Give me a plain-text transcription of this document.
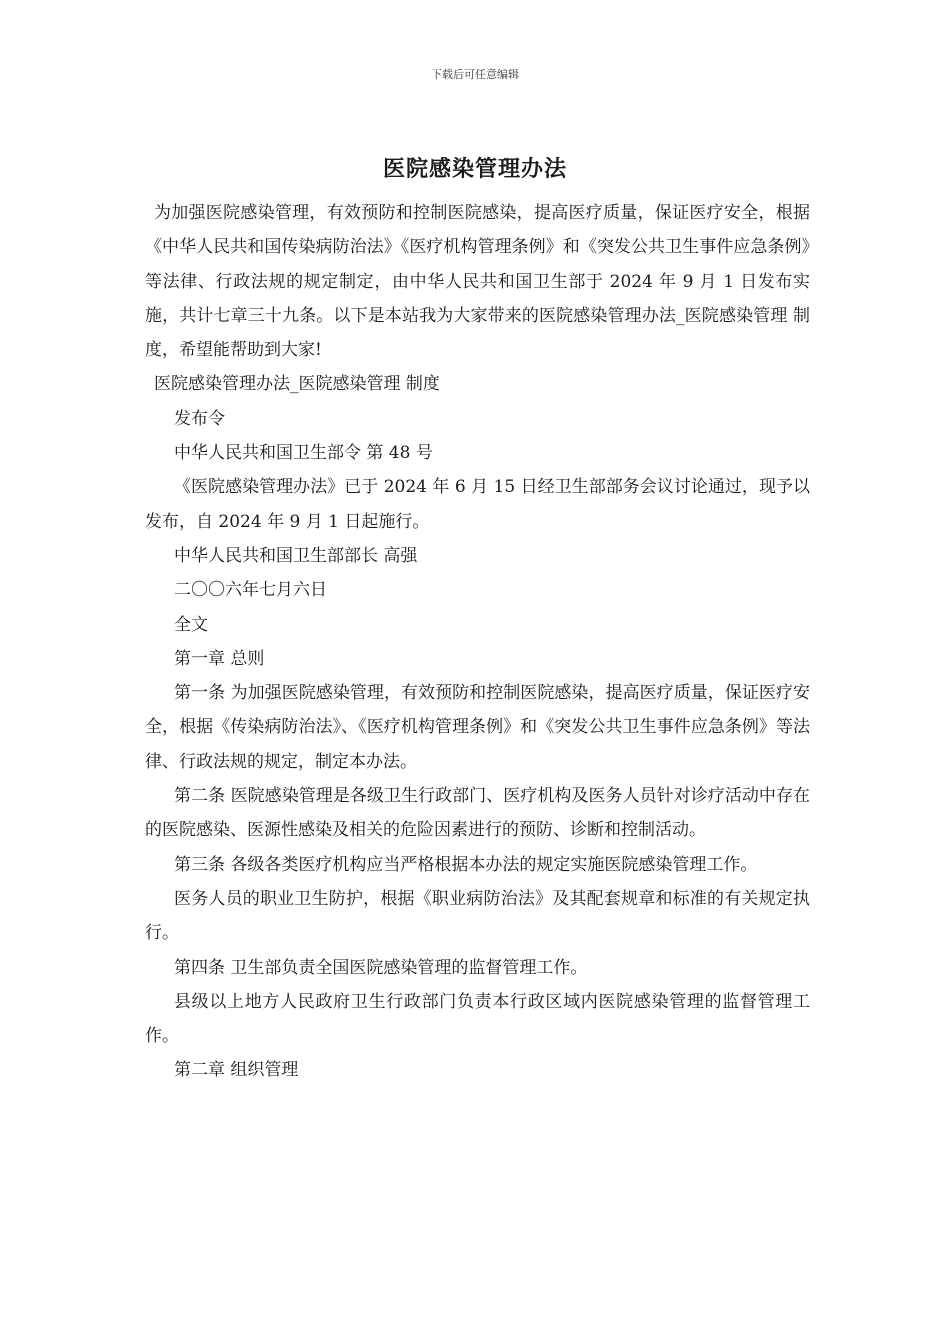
下载后可任意编辑
医院感染管理办法

为加强医院感染管理，有效预防和控制医院感染，提高医疗质量，保证医疗安全，根据《中华人民共和国传染病防治法》《医疗机构管理条例》和《突发公共卫生事件应急条例》等法律、行政法规的规定制定，由中华人民共和国卫生部于 2024 年 9 月 1 日发布实施，共计七章三十九条。以下是本站我为大家带来的医院感染管理办法_医院感染管理 制度，希望能帮助到大家!

医院感染管理办法_医院感染管理 制度

发布令

中华人民共和国卫生部令 第 48 号

《医院感染管理办法》已于 2024 年 6 月 15 日经卫生部部务会议讨论通过，现予以发布，自 2024 年 9 月 1 日起施行。

中华人民共和国卫生部部长 高强

二〇〇六年七月六日

全文

第一章 总则

第一条 为加强医院感染管理，有效预防和控制医院感染，提高医疗质量，保证医疗安全，根据《传染病防治法》、《医疗机构管理条例》和《突发公共卫生事件应急条例》等法律、行政法规的规定，制定本办法。

第二条 医院感染管理是各级卫生行政部门、医疗机构及医务人员针对诊疗活动中存在的医院感染、医源性感染及相关的危险因素进行的预防、诊断和控制活动。

第三条 各级各类医疗机构应当严格根据本办法的规定实施医院感染管理工作。

医务人员的职业卫生防护，根据《职业病防治法》及其配套规章和标准的有关规定执行。

第四条 卫生部负责全国医院感染管理的监督管理工作。

县级以上地方人民政府卫生行政部门负责本行政区域内医院感染管理的监督管理工作。

第二章 组织管理
